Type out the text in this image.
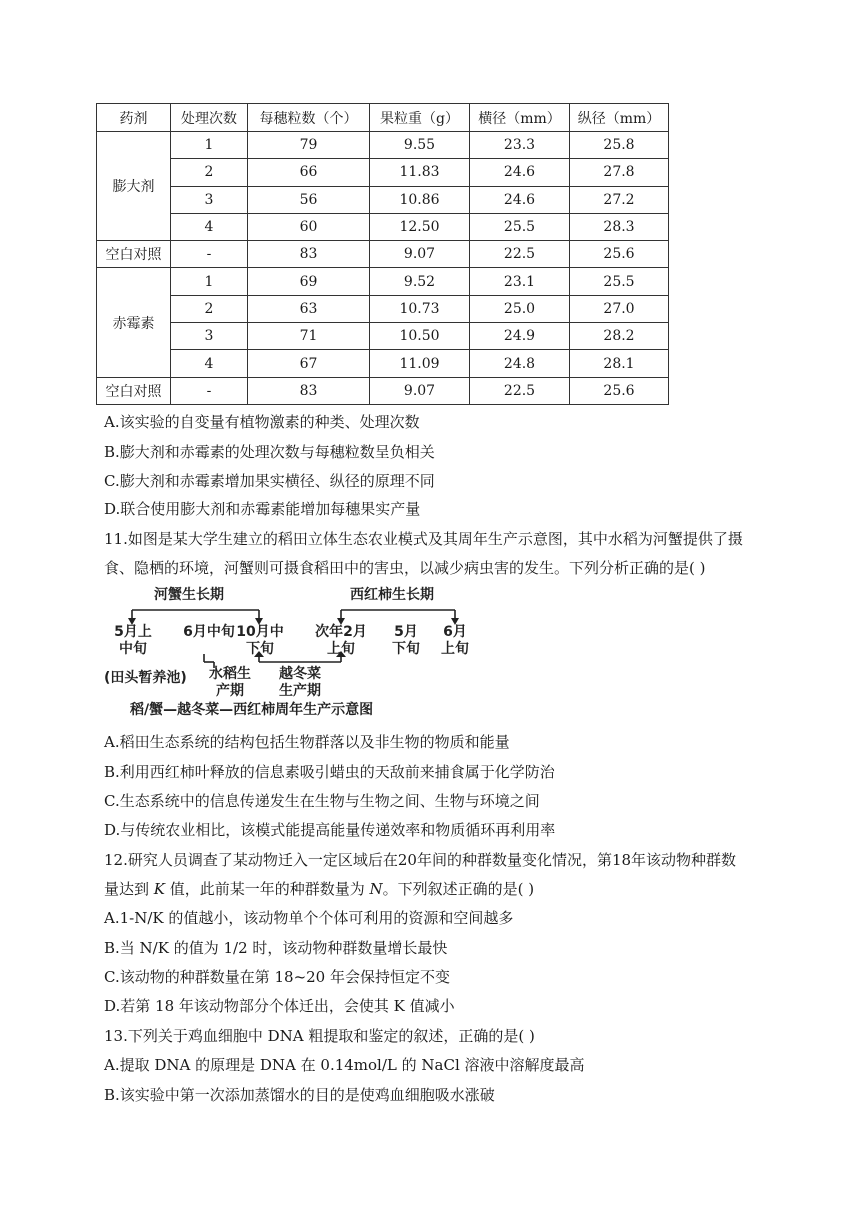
药剂	处理次数	每穗粒数（个）	果粒重（g）	横径（mm）	纵径（mm）
膨大剂	1	79	9.55	23.3	25.8
	2	66	11.83	24.6	27.8
	3	56	10.86	24.6	27.2
	4	60	12.50	25.5	28.3
空白对照	-	83	9.07	22.5	25.6
赤霉素	1	69	9.52	23.1	25.5
	2	63	10.73	25.0	27.0
	3	71	10.50	24.9	28.2
	4	67	11.09	24.8	28.1
空白对照	-	83	9.07	22.5	25.6
A.该实验的自变量有植物激素的种类、处理次数
B.膨大剂和赤霉素的处理次数与每穗粒数呈负相关
C.膨大剂和赤霉素增加果实横径、纵径的原理不同
D.联合使用膨大剂和赤霉素能增加每穗果实产量
11.如图是某大学生建立的稻田立体生态农业模式及其周年生产示意图，其中水稻为河蟹提供了摄
食、隐栖的环境，河蟹则可摄食稻田中的害虫，以减少病虫害的发生。下列分析正确的是( )
河蟹生长期	西红柿生长期
5月上
中旬
6月中旬 10月中
下旬
次年2月
上旬
5月
下旬
6月
上旬
(田头暂养池)	水稻生
产期
越冬菜
生产期
稻/蟹—越冬菜—西红柿周年生产示意图
A.稻田生态系统的结构包括生物群落以及非生物的物质和能量
B.利用西红柿叶释放的信息素吸引蜡虫的天敌前来捕食属于化学防治
C.生态系统中的信息传递发生在生物与生物之间、生物与环境之间
D.与传统农业相比，该模式能提高能量传递效率和物质循环再利用率
12.研究人员调查了某动物迁入一定区域后在20年间的种群数量变化情况，第18年该动物种群数
量达到 K 值，此前某一年的种群数量为 N。下列叙述正确的是( )
A.1-N/K 的值越小，该动物单个个体可利用的资源和空间越多
B.当 N/K 的值为 1/2 时，该动物种群数量增长最快
C.该动物的种群数量在第 18~20 年会保持恒定不变
D.若第 18 年该动物部分个体迁出，会使其 K 值减小
13.下列关于鸡血细胞中 DNA 粗提取和鉴定的叙述，正确的是( )
A.提取 DNA 的原理是 DNA 在 0.14mol/L 的 NaCl 溶液中溶解度最高
B.该实验中第一次添加蒸馏水的目的是使鸡血细胞吸水涨破
